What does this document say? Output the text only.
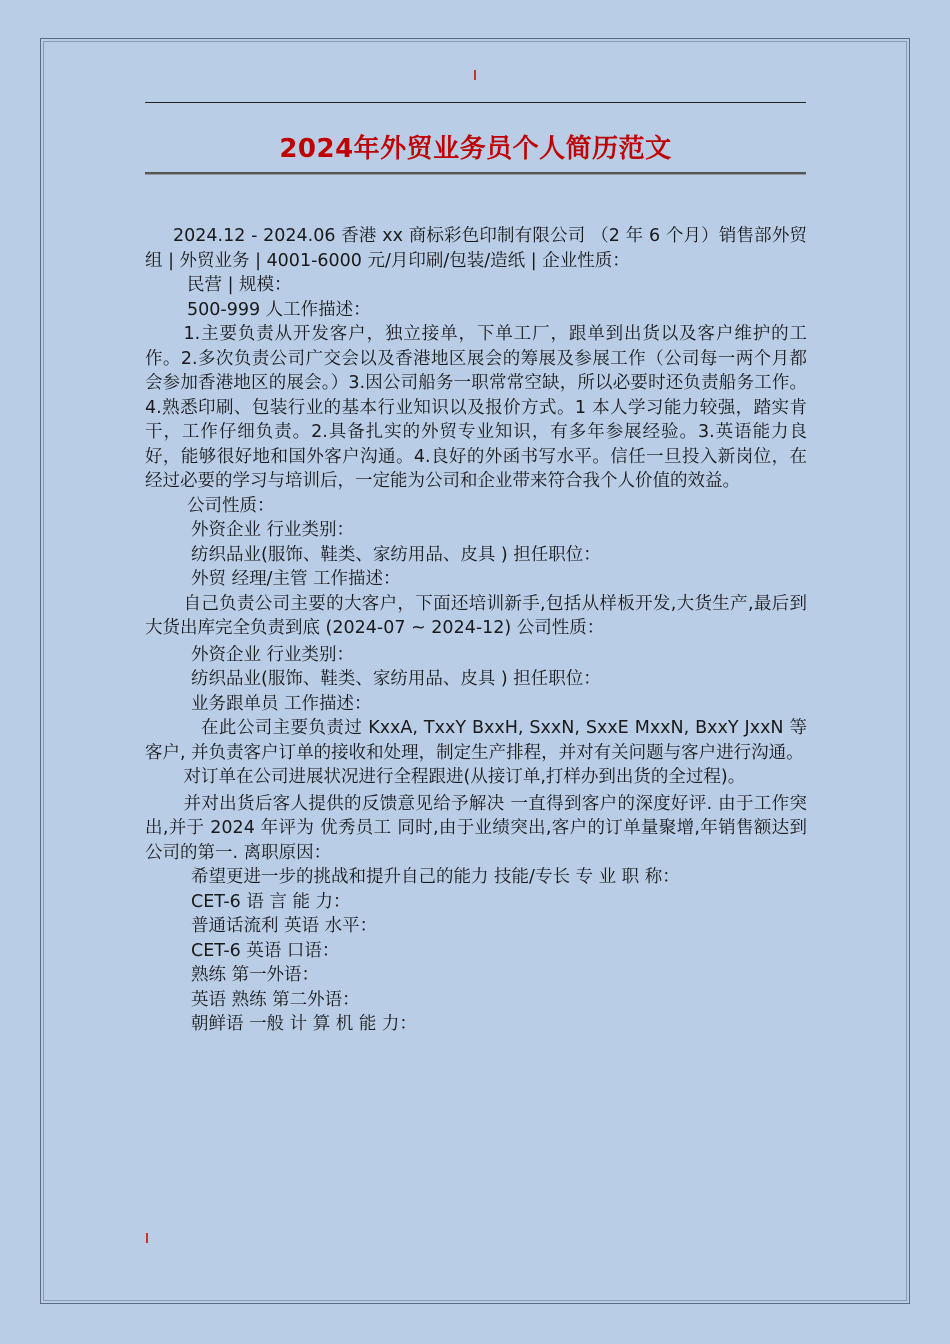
2024年外贸业务员个人简历范文

2024.12 - 2024.06 香港 xx 商标彩色印制有限公司 （2 年 6 个月）销售部外贸组 | 外贸业务 | 4001-6000 元/月印刷/包装/造纸 | 企业性质：

民营 | 规模：

500-999 人工作描述：

1.主要负责从开发客户，独立接单，下单工厂，跟单到出货以及客户维护的工作。2.多次负责公司广交会以及香港地区展会的筹展及参展工作（公司每一两个月都会参加香港地区的展会。）3.因公司船务一职常常空缺，所以必要时还负责船务工作。4.熟悉印刷、包装行业的基本行业知识以及报价方式。1 本人学习能力较强，踏实肯干，工作仔细负责。2.具备扎实的外贸专业知识，有多年参展经验。3.英语能力良好，能够很好地和国外客户沟通。4.良好的外函书写水平。信任一旦投入新岗位，在经过必要的学习与培训后，一定能为公司和企业带来符合我个人价值的效益。

公司性质：

外资企业 行业类别：

纺织品业(服饰、鞋类、家纺用品、皮具 ) 担任职位：

外贸 经理/主管 工作描述：

自己负责公司主要的大客户，下面还培训新手,包括从样板开发,大货生产,最后到大货出库完全负责到底 (2024-07 ~ 2024-12) 公司性质：

外资企业 行业类别：

纺织品业(服饰、鞋类、家纺用品、皮具 ) 担任职位：

业务跟单员 工作描述：

在此公司主要负责过 KxxA, TxxY BxxH, SxxN, SxxE MxxN, BxxY JxxN 等客户, 并负责客户订单的接收和处理，制定生产排程，并对有关问题与客户进行沟通。

对订单在公司进展状况进行全程跟进(从接订单,打样办到出货的全过程)。

并对出货后客人提供的反馈意见给予解决 一直得到客户的深度好评. 由于工作突出,并于 2024 年评为 优秀员工 同时,由于业绩突出,客户的订单量聚增,年销售额达到公司的第一. 离职原因：

希望更进一步的挑战和提升自己的能力 技能/专长 专 业 职 称：

CET-6 语 言 能 力：

普通话流利 英语 水平：

CET-6 英语 口语：

熟练 第一外语：

英语 熟练 第二外语：

朝鲜语 一般 计 算 机 能 力：
